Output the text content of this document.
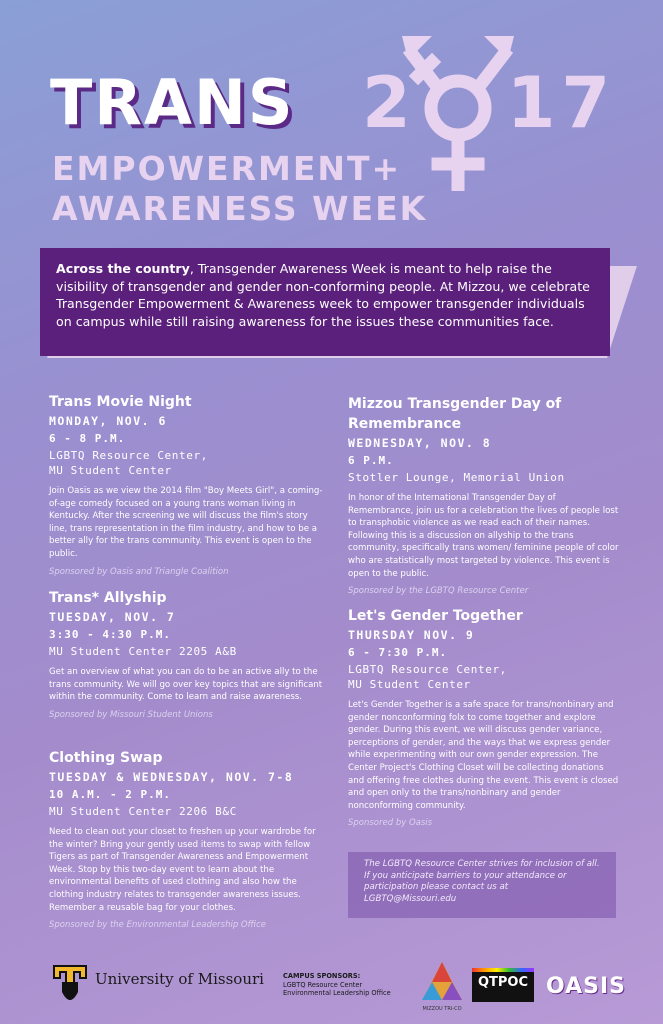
TRANS 2 17
EMPOWERMENT+
AWARENESS WEEK

Across the country, Transgender Awareness Week is meant to help raise the visibility of transgender and gender non-conforming people. At Mizzou, we celebrate Transgender Empowerment & Awareness week to empower transgender individuals on campus while still raising awareness for the issues these communities face.

Trans Movie Night
MONDAY, NOV. 6
6 - 8 P.M.
LGBTQ Resource Center, MU Student Center
Join Oasis as we view the 2014 film "Boy Meets Girl", a coming-of-age comedy focused on a young trans woman living in Kentucky. After the screening we will discuss the film's story line, trans representation in the film industry, and how to be a better ally for the trans community. This event is open to the public.
Sponsored by Oasis and Triangle Coalition
Trans* Allyship
TUESDAY, NOV. 7
3:30 - 4:30 P.M.
MU Student Center 2205 A&B
Get an overview of what you can do to be an active ally to the trans community. We will go over key topics that are significant within the community. Come to learn and raise awareness.
Sponsored by Missouri Student Unions
Clothing Swap
TUESDAY & WEDNESDAY, NOV. 7-8
10 A.M. - 2 P.M.
MU Student Center 2206 B&C
Need to clean out your closet to freshen up your wardrobe for the winter? Bring your gently used items to swap with fellow Tigers as part of Transgender Awareness and Empowerment Week. Stop by this two-day event to learn about the environmental benefits of used clothing and also how the clothing industry relates to transgender awareness issues. Remember a reusable bag for your clothes.
Sponsored by the Environmental Leadership Office
Mizzou Transgender Day of Remembrance
WEDNESDAY, NOV. 8
6 P.M.
Stotler Lounge, Memorial Union
In honor of the International Transgender Day of Remembrance, join us for a celebration the lives of people lost to transphobic violence as we read each of their names. Following this is a discussion on allyship to the trans community, specifically trans women/ feminine people of color who are statistically most targeted by violence. This event is open to the public.
Sponsored by the LGBTQ Resource Center
Let's Gender Together
THURSDAY NOV. 9
6 - 7:30 P.M.
LGBTQ Resource Center, MU Student Center
Let's Gender Together is a safe space for trans/nonbinary and gender nonconforming folx to come together and explore gender. During this event, we will discuss gender variance, perceptions of gender, and the ways that we express gender while experimenting with our own gender expression. The Center Project's Clothing Closet will be collecting donations and offering free clothes during the event. This event is closed and open only to the trans/nonbinary and gender nonconforming community.
Sponsored by Oasis

The LGBTQ Resource Center strives for inclusion of all. If you anticipate barriers to your attendance or participation please contact us at LGBTQ@Missouri.edu

University of Missouri	CAMPUS SPONSORS:
LGBTQ Resource Center
Environmental Leadership Office
MIZZOU TRI-CO
QTPOC OASIS
